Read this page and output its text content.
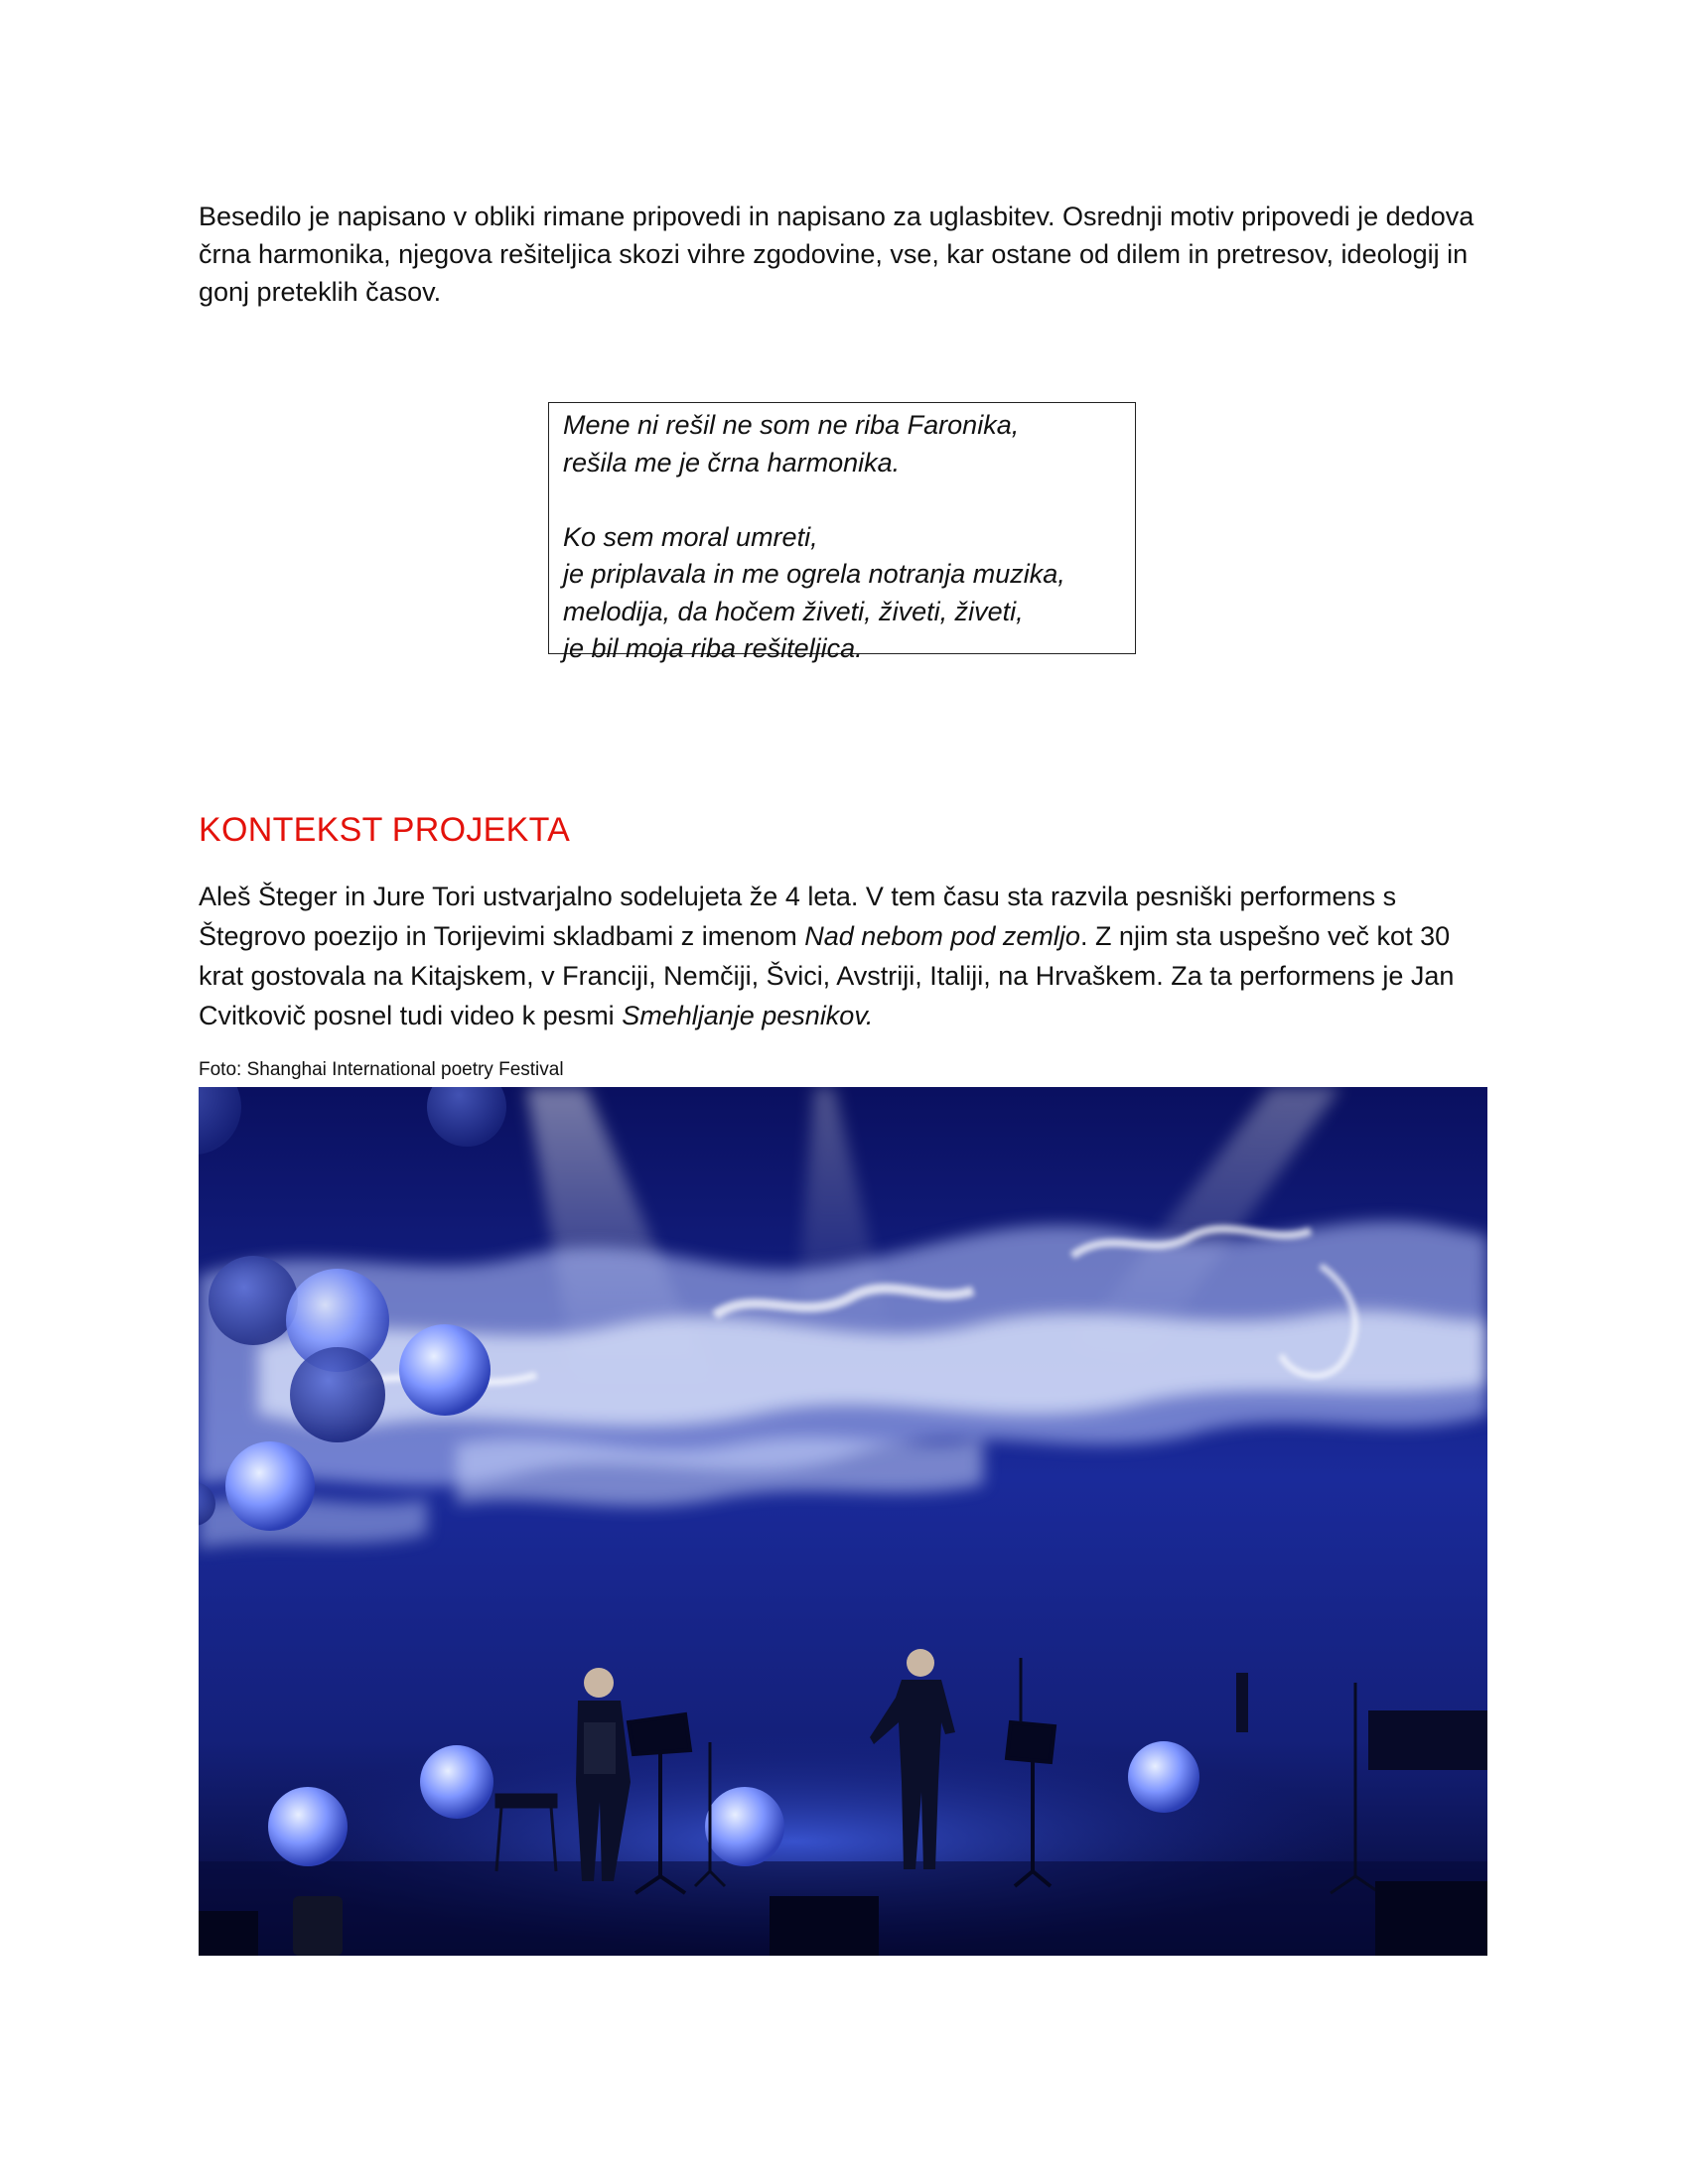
Besedilo je napisano v obliki rimane pripovedi in napisano za uglasbitev. Osrednji motiv pripovedi je dedova črna harmonika, njegova rešiteljica skozi vihre zgodovine, vse, kar ostane od dilem in pretresov, ideologij in gonj preteklih časov.

Mene ni rešil ne som ne riba Faronika,
rešila me je črna harmonika.
Ko sem moral umreti,
je priplavala in me ogrela notranja muzika,
melodija, da hočem živeti, živeti, živeti,
je bil moja riba rešiteljica.
KONTEKST PROJEKTA

Aleš Šteger in Jure Tori ustvarjalno sodelujeta že 4 leta. V tem času sta razvila pesniški performens s Štegrovo poezijo in Torijevimi skladbami z imenom Nad nebom pod zemljo. Z njim sta uspešno več kot 30 krat gostovala na Kitajskem, v Franciji, Nemčiji, Švici, Avstriji, Italiji, na Hrvaškem. Za ta performens je Jan Cvitkovič posnel tudi video k pesmi Smehljanje pesnikov.

Foto: Shanghai International poetry Festival
